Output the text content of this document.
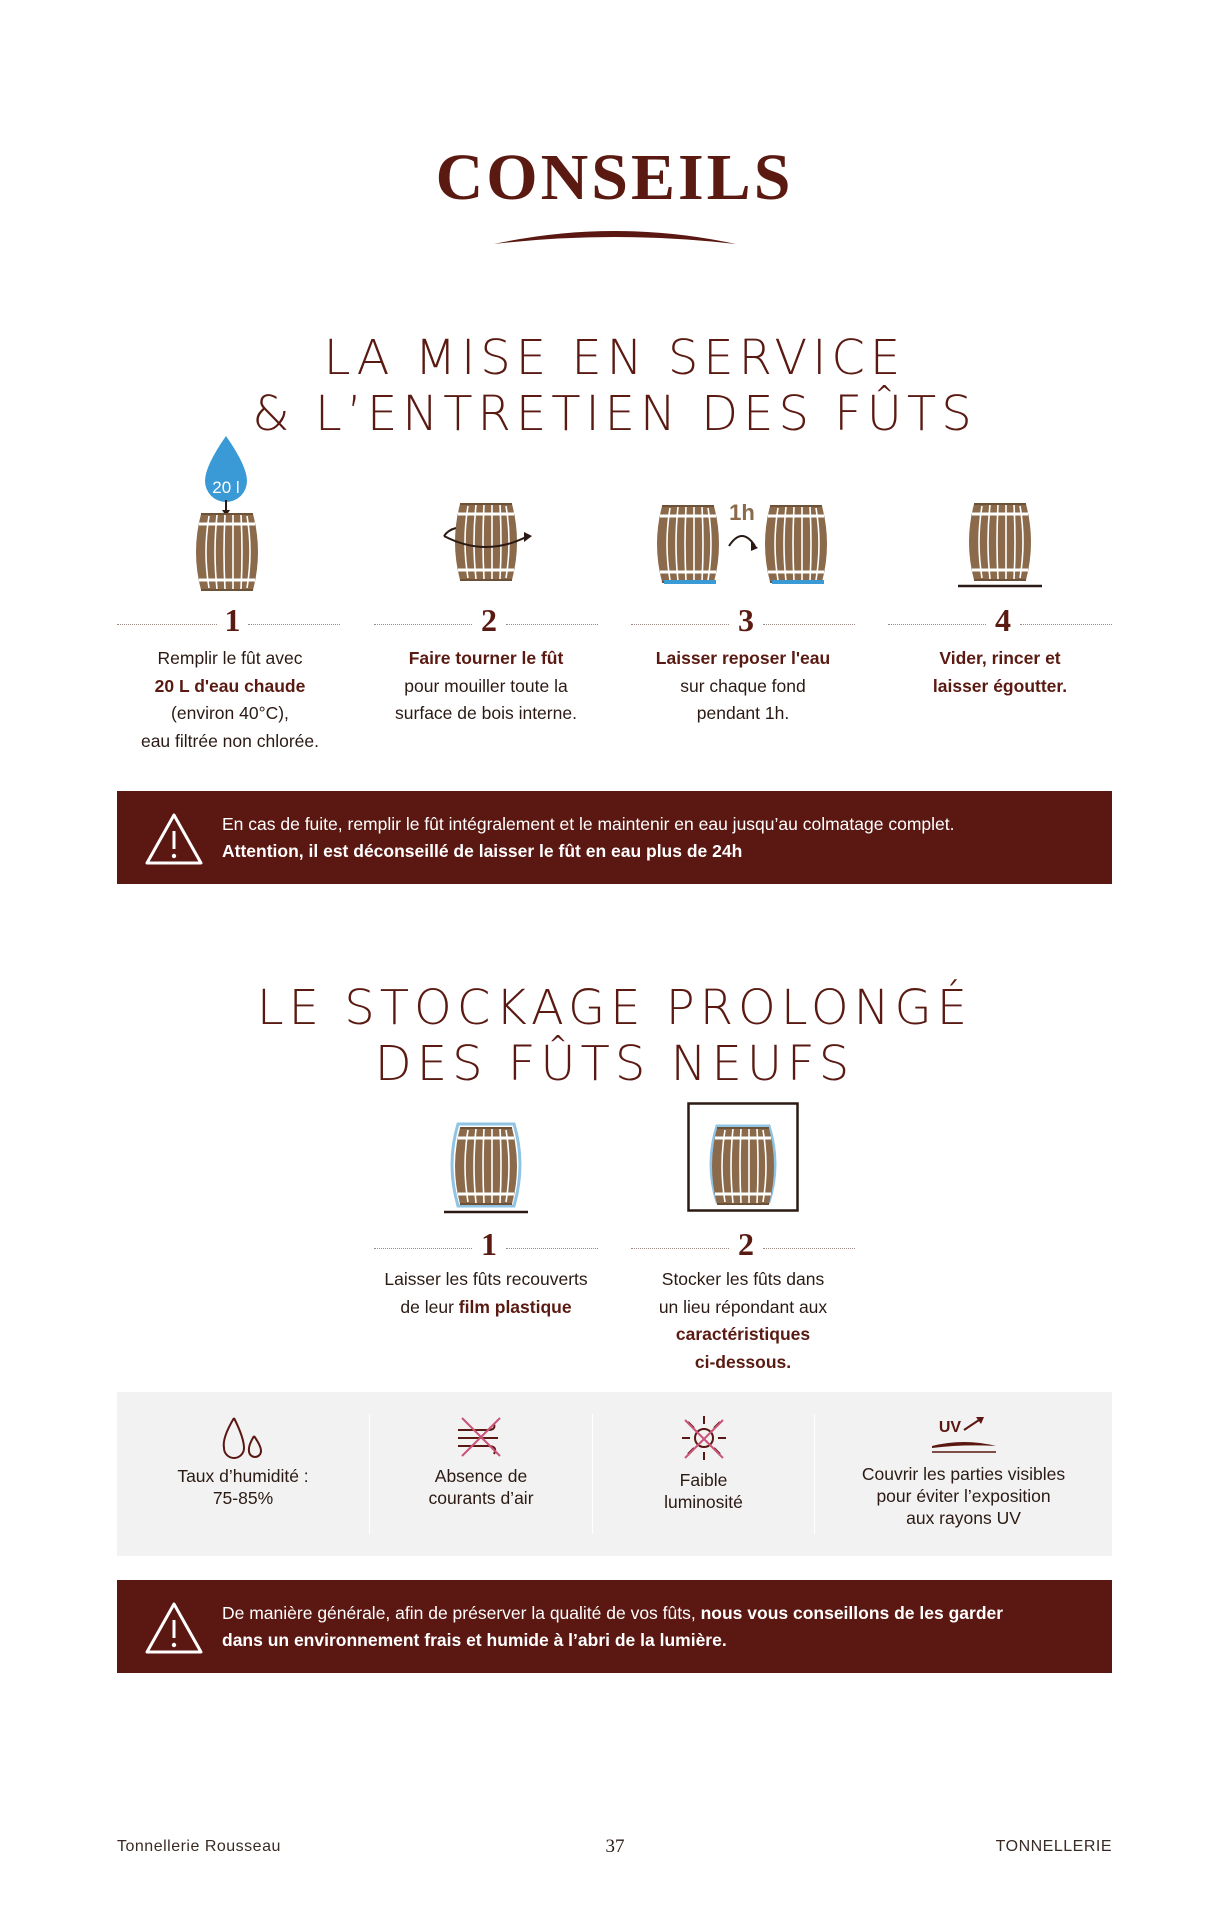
CONSEILS
LA MISE EN SERVICE
& L’ENTRETIEN DES FÛTS
20 l
1h
1	2	3	4
Remplir le fût avec
20 L d'eau chaude
(environ 40°C),
eau filtrée non chlorée.
Faire tourner le fût
pour mouiller toute la
surface de bois interne.
Laisser reposer l'eau
sur chaque fond
pendant 1h.
Vider, rincer et
laisser égoutter.
En cas de fuite, remplir le fût intégralement et le maintenir en eau jusqu’au colmatage complet.
Attention, il est déconseillé de laisser le fût en eau plus de 24h
LE STOCKAGE PROLONGÉ
DES FÛTS NEUFS
1	2
Laisser les fûts recouverts
de leur film plastique
Stocker les fûts dans
un lieu répondant aux
caractéristiques
ci-dessous.
Taux d’humidité :
75-85%
Absence de
courants d’air
Faible
luminosité
UV
Couvrir les parties visibles
pour éviter l’exposition
aux rayons UV
De manière générale, afin de préserver la qualité de vos fûts, nous vous conseillons de les garder
dans un environnement frais et humide à l’abri de la lumière.
Tonnellerie Rousseau	37	TONNELLERIE
